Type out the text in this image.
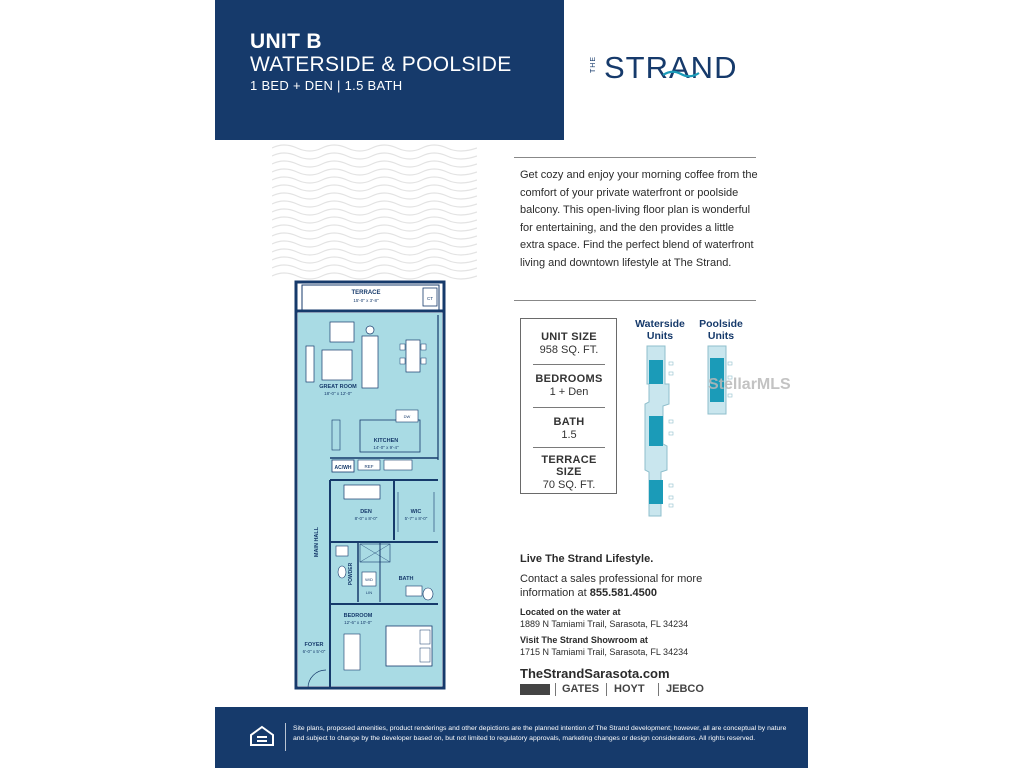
UNIT B
WATERSIDE & POOLSIDE
1 BED + DEN | 1.5 BATH
THE STRAND
TERRACE
15'-0" x 3'-8"	CT
GREAT ROOM
18'-0" x 12'-0"
DW
KITCHEN
14'-0" x 9'-4"
AC/WH	REF
DEN
8'-0" x 8'-0"
WIC
5'-7" x 8'-0"
MAIN HALL
POWDER	W/D
LIN
BATH
BEDROOM
12'-6" x 10'-0"
FOYER
6'-0" x 5'-0"
Get cozy and enjoy your morning coffee from the comfort of your private waterfront or poolside balcony. This open-living floor plan is wonderful for entertaining, and the den provides a little extra space. Find the perfect blend of waterfront living and downtown lifestyle at The Strand.
UNIT SIZE
958 SQ. FT.
BEDROOMS
1 + Den
BATH
1.5
TERRACE SIZE
70 SQ. FT.
Waterside Units
Poolside Units
Live The Strand Lifestyle.
Contact a sales professional for more information at 855.581.4500
Located on the water at
1889 N Tamiami Trail, Sarasota, FL 34234
Visit The Strand Showroom at
1715 N Tamiami Trail, Sarasota, FL 34234
TheStrandSarasota.com
GATES HOYT JEBCO
StellarMLS
Site plans, proposed amenities, product renderings and other depictions are the planned intention of The Strand development; however, all are conceptual by nature and subject to change by the developer based on, but not limited to regulatory approvals, marketing changes or design considerations. All rights reserved.
